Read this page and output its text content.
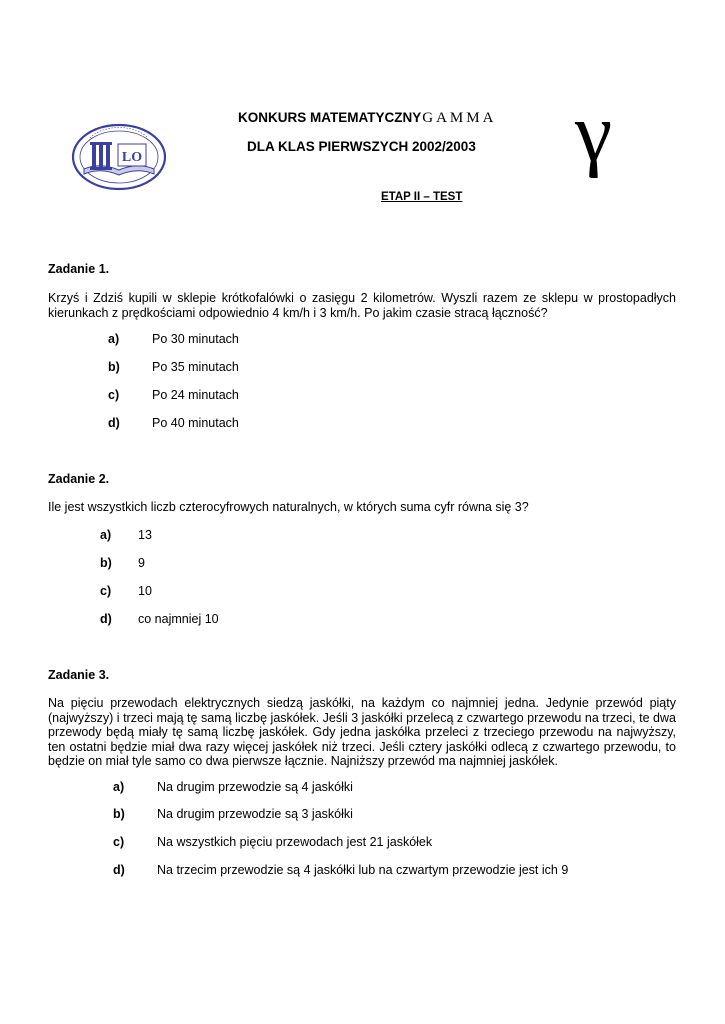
LO
KONKURS MATEMATYCZNYGAMMA
DLA KLAS PIERWSZYCH 2002/2003 γ
ETAP II – TEST
Zadanie 1.
Krzyś i Zdziś kupili w sklepie krótkofalówki o zasięgu 2 kilometrów. Wyszli razem ze sklepu w prostopadłych kierunkach z prędkościami odpowiednio 4 km/h i 3 km/h. Po jakim czasie stracą łączność?
a)	Po 30 minutach
b)	Po 35 minutach
c)	Po 24 minutach
d)	Po 40 minutach
Zadanie 2.
Ile jest wszystkich liczb czterocyfrowych naturalnych, w których suma cyfr równa się 3?
a) 13
b) 9
c) 10
d) co najmniej 10
Zadanie 3.
Na pięciu przewodach elektrycznych siedzą jaskółki, na każdym co najmniej jedna. Jedynie przewód piąty (najwyższy) i trzeci mają tę samą liczbę jaskółek. Jeśli 3 jaskółki przelecą z czwartego przewodu na trzeci, te dwa przewody będą miały tę samą liczbę jaskółek. Gdy jedna jaskółka przeleci z trzeciego przewodu na najwyższy, ten ostatni będzie miał dwa razy więcej jaskółek niż trzeci. Jeśli cztery jaskółki odlecą z czwartego przewodu, to będzie on miał tyle samo co dwa pierwsze łącznie. Najniższy przewód ma najmniej jaskółek.
a)	Na drugim przewodzie są 4 jaskółki
b)	Na drugim przewodzie są 3 jaskółki
c)	Na wszystkich pięciu przewodach jest 21 jaskółek
d)	Na trzecim przewodzie są 4 jaskółki lub na czwartym przewodzie jest ich 9
